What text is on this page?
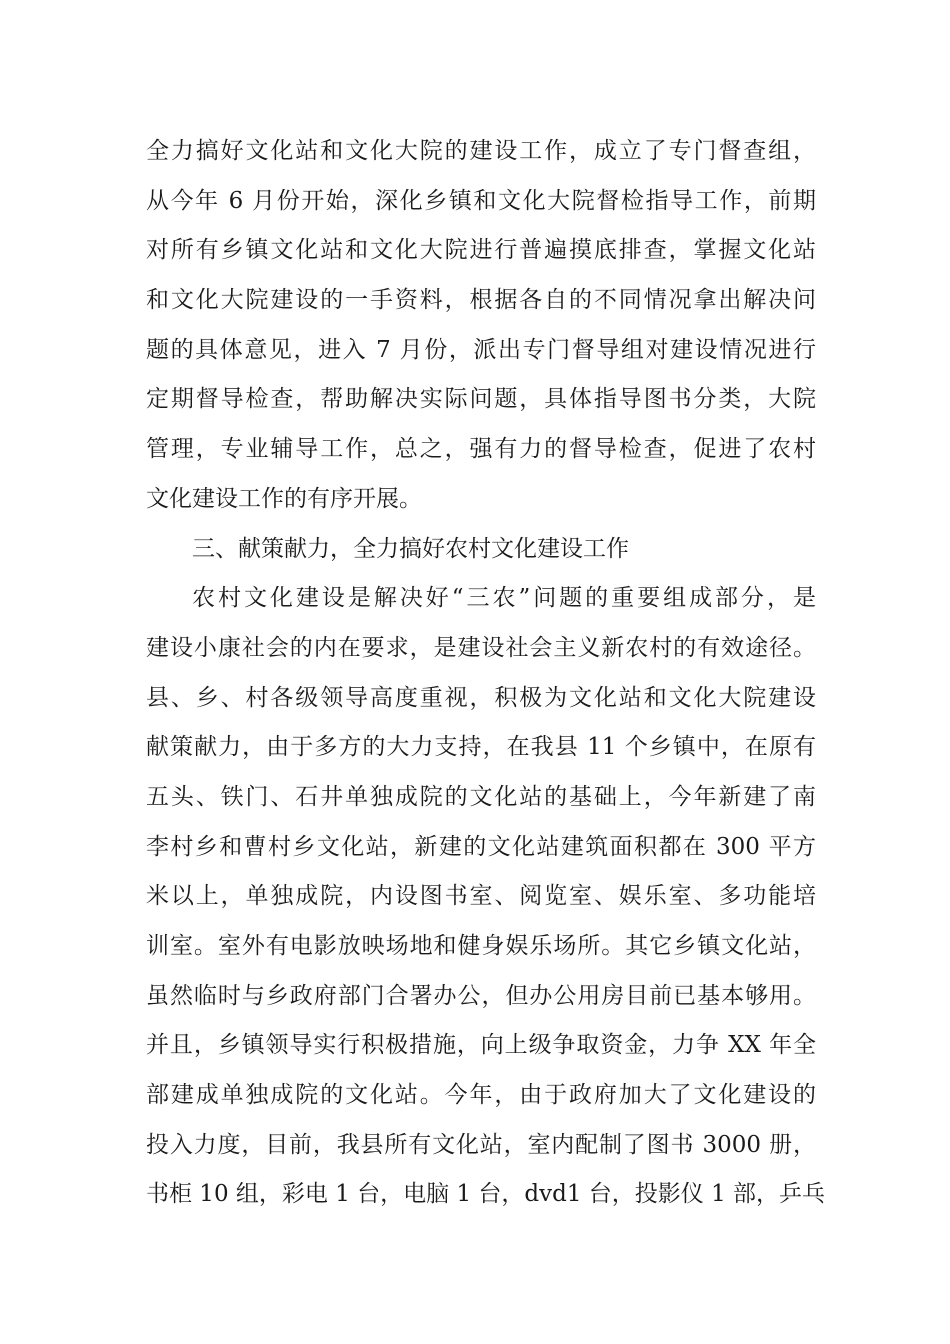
全力搞好文化站和文化大院的建设工作，成立了专门督查组，
从今年 6 月份开始，深化乡镇和文化大院督检指导工作，前期
对所有乡镇文化站和文化大院进行普遍摸底排查，掌握文化站
和文化大院建设的一手资料，根据各自的不同情况拿出解决问
题的具体意见，进入 7 月份，派出专门督导组对建设情况进行
定期督导检查，帮助解决实际问题，具体指导图书分类，大院
管理，专业辅导工作，总之，强有力的督导检查，促进了农村
文化建设工作的有序开展。
三、献策献力，全力搞好农村文化建设工作
农村文化建设是解决好“三农”问题的重要组成部分，是
建设小康社会的内在要求，是建设社会主义新农村的有效途径。
县、乡、村各级领导高度重视，积极为文化站和文化大院建设
献策献力，由于多方的大力支持，在我县 11 个乡镇中，在原有
五头、铁门、石井单独成院的文化站的基础上，今年新建了南
李村乡和曹村乡文化站，新建的文化站建筑面积都在 300 平方
米以上，单独成院，内设图书室、阅览室、娱乐室、多功能培
训室。室外有电影放映场地和健身娱乐场所。其它乡镇文化站，
虽然临时与乡政府部门合署办公，但办公用房目前已基本够用。
并且，乡镇领导实行积极措施，向上级争取资金，力争 XX 年全
部建成单独成院的文化站。今年，由于政府加大了文化建设的
投入力度，目前，我县所有文化站，室内配制了图书 3000 册，
书柜 10 组，彩电 1 台，电脑 1 台，dvd1 台，投影仪 1 部，乒乓
